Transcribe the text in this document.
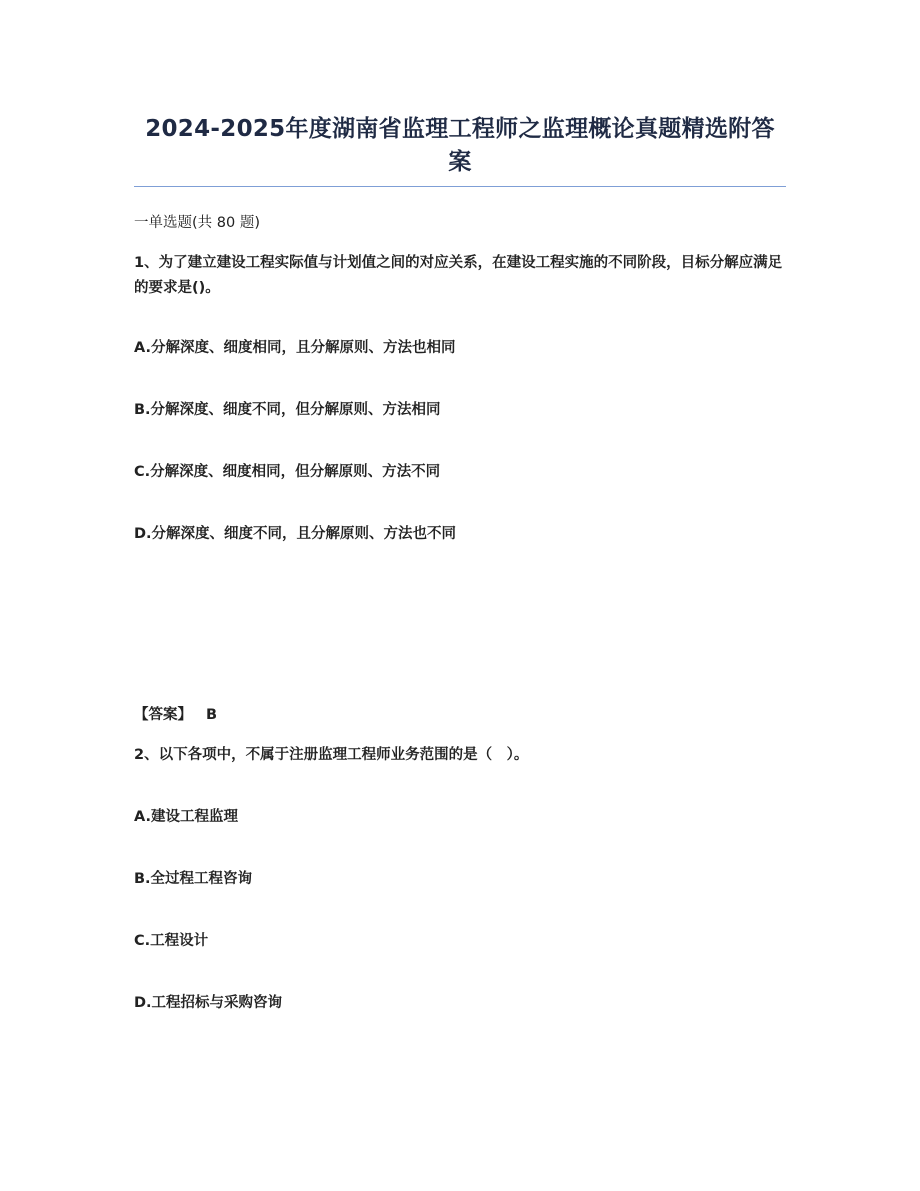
2024-2025年度湖南省监理工程师之监理概论真题精选附答案
一单选题(共 80 题)
1、为了建立建设工程实际值与计划值之间的对应关系，在建设工程实施的不同阶段，目标分解应满足的要求是()。
A.分解深度、细度相同，且分解原则、方法也相同
B.分解深度、细度不同，但分解原则、方法相同
C.分解深度、细度相同，但分解原则、方法不同
D.分解深度、细度不同，且分解原则、方法也不同
【答案】 B
2、以下各项中，不属于注册监理工程师业务范围的是（　）。
A.建设工程监理
B.全过程工程咨询
C.工程设计
D.工程招标与采购咨询
